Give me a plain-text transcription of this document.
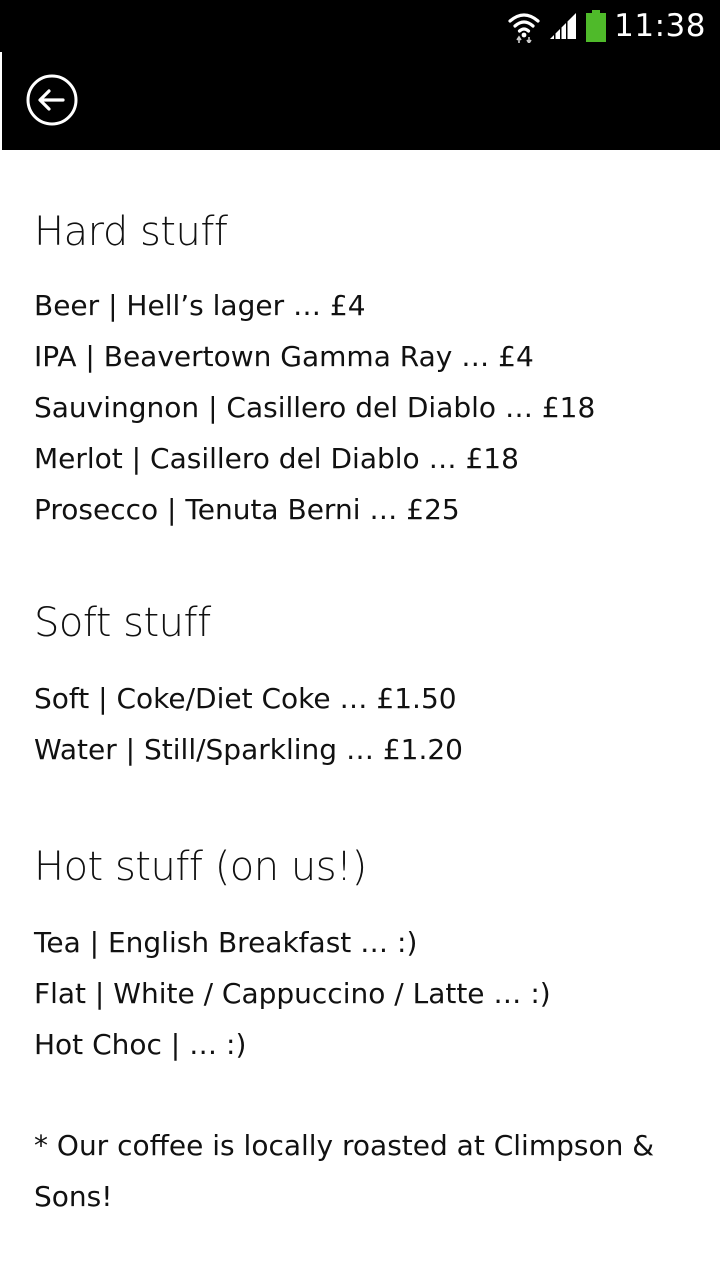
11:38
Hard stuff
Beer | Hell’s lager … £4
IPA | Beavertown Gamma Ray … £4
Sauvingnon | Casillero del Diablo … £18
Merlot | Casillero del Diablo … £18
Prosecco | Tenuta Berni … £25
Soft stuff
Soft | Coke/Diet Coke … £1.50
Water | Still/Sparkling … £1.20
Hot stuff (on us!)
Tea | English Breakfast … :)
Flat | White / Cappuccino / Latte … :)
Hot Choc | … :)
* Our coffee is locally roasted at Climpson & Sons!
